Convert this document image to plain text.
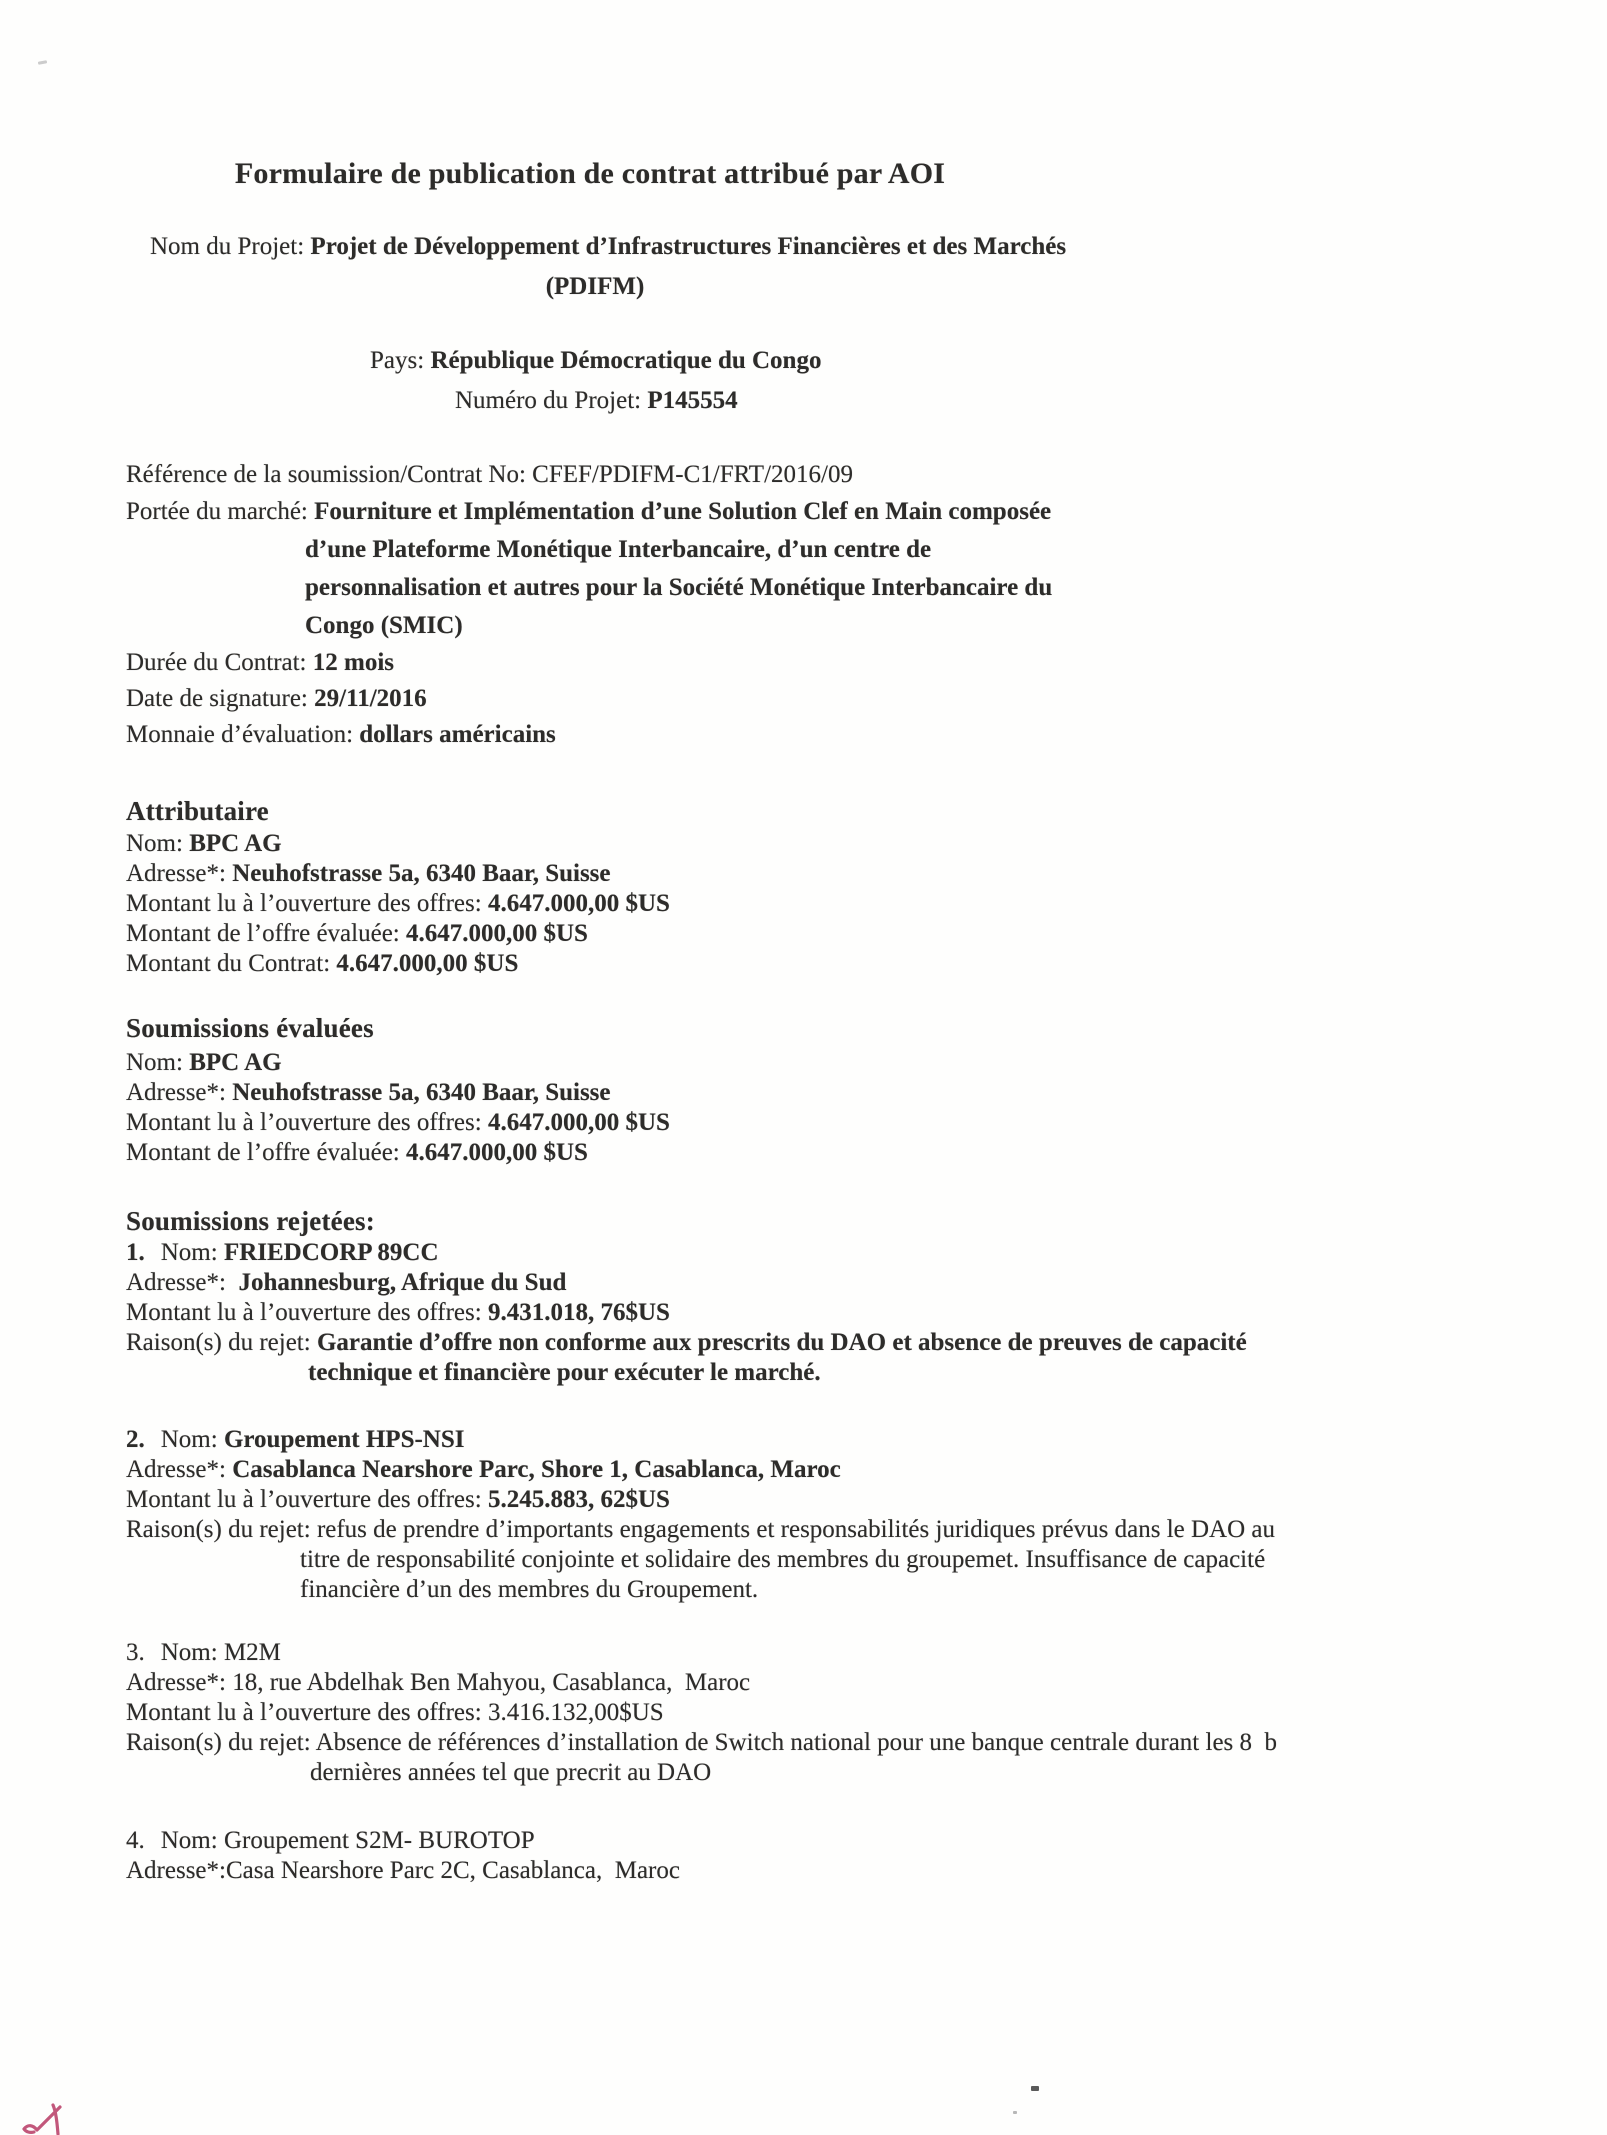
Formulaire de publication de contrat attribué par AOI
Nom du Projet: Projet de Développement d’Infrastructures Financières et des Marchés
(PDIFM)
Pays: République Démocratique du Congo
Numéro du Projet: P145554
Référence de la soumission/Contrat No: CFEF/PDIFM-C1/FRT/2016/09
Portée du marché: Fourniture et Implémentation d’une Solution Clef en Main composée
d’une Plateforme Monétique Interbancaire, d’un centre de
personnalisation et autres pour la Société Monétique Interbancaire du
Congo (SMIC)
Durée du Contrat: 12 mois
Date de signature: 29/11/2016
Monnaie d’évaluation: dollars américains
Attributaire
Nom: BPC AG
Adresse*: Neuhofstrasse 5a, 6340 Baar, Suisse
Montant lu à l’ouverture des offres: 4.647.000,00 $US
Montant de l’offre évaluée: 4.647.000,00 $US
Montant du Contrat: 4.647.000,00 $US
Soumissions évaluées
Nom: BPC AG
Adresse*: Neuhofstrasse 5a, 6340 Baar, Suisse
Montant lu à l’ouverture des offres: 4.647.000,00 $US
Montant de l’offre évaluée: 4.647.000,00 $US
Soumissions rejetées:
1. Nom: FRIEDCORP 89CC
Adresse*:  Johannesburg, Afrique du Sud
Montant lu à l’ouverture des offres: 9.431.018, 76$US
Raison(s) du rejet: Garantie d’offre non conforme aux prescrits du DAO et absence de preuves de capacité
technique et financière pour exécuter le marché.
2. Nom: Groupement HPS-NSI
Adresse*: Casablanca Nearshore Parc, Shore 1, Casablanca, Maroc
Montant lu à l’ouverture des offres: 5.245.883, 62$US
Raison(s) du rejet: refus de prendre d’importants engagements et responsabilités juridiques prévus dans le DAO au
titre de responsabilité conjointe et solidaire des membres du groupemet. Insuffisance de capacité
financière d’un des membres du Groupement.
3. Nom: M2M
Adresse*: 18, rue Abdelhak Ben Mahyou, Casablanca,  Maroc
Montant lu à l’ouverture des offres: 3.416.132,00$US
Raison(s) du rejet: Absence de références d’installation de Switch national pour une banque centrale durant les 8  b
dernières années tel que precrit au DAO
4. Nom: Groupement S2M- BUROTOP
Adresse*:Casa Nearshore Parc 2C, Casablanca,  Maroc
